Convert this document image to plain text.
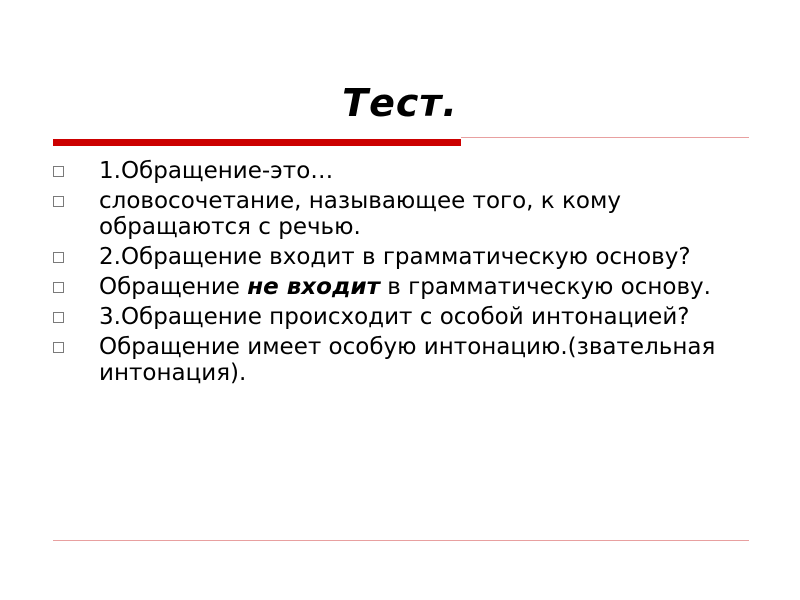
Тест.
1.Обращение-это…
словосочетание, называющее того, к кому обращаются с речью.
2.Обращение входит в грамматическую основу?
Обращение не входит в грамматическую основу.
3.Обращение происходит с особой интонацией?
Обращение имеет особую интонацию.(звательная интонация).
